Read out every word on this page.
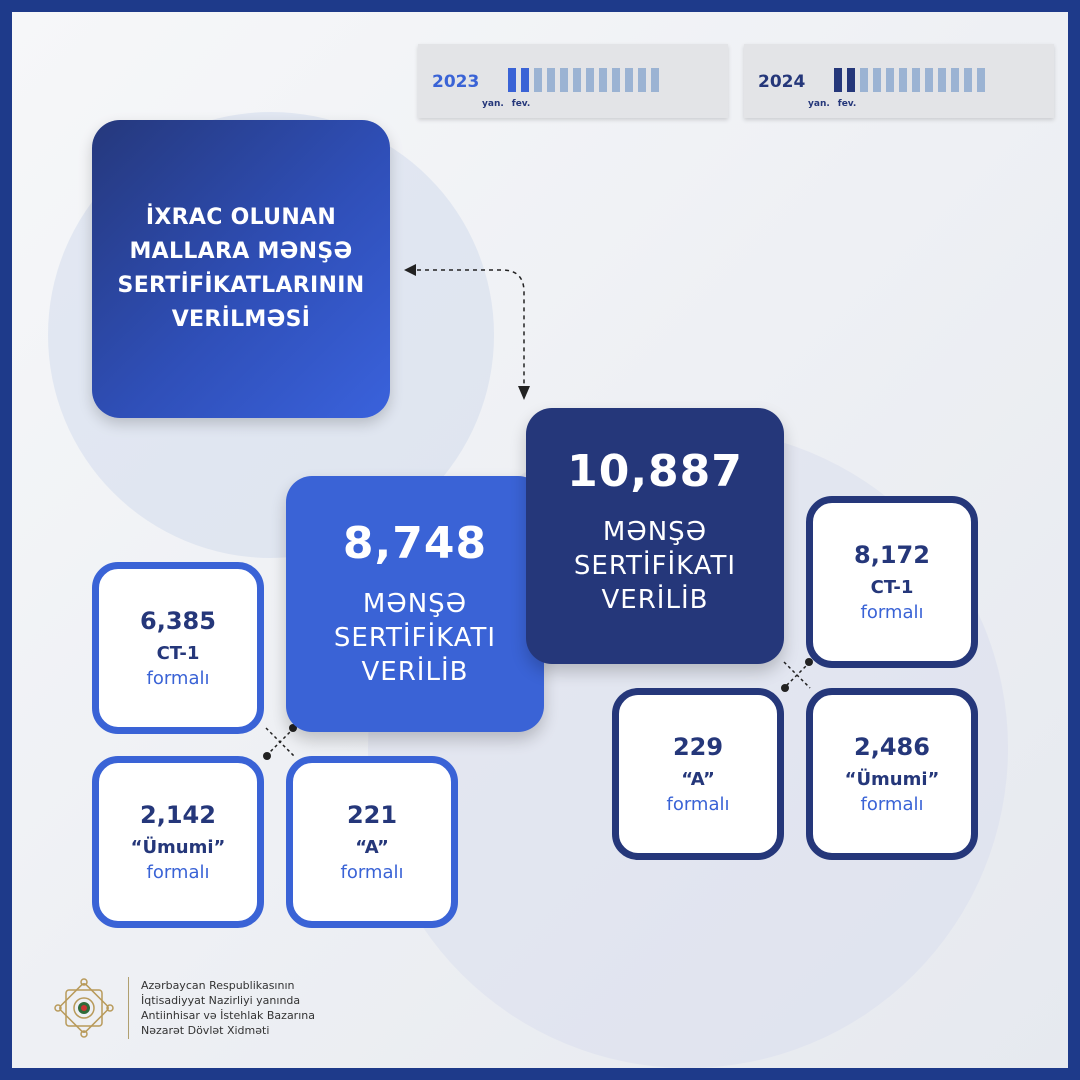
2023
yan. fev.
2024
yan. fev.
İXRAC OLUNAN
MALLARA MƏNŞƏ
SERTİFİKATLARININ
VERİLMƏSİ
8,748
MƏNŞƏ
SERTİFİKATI
VERİLİB
10,887
MƏNŞƏ
SERTİFİKATI
VERİLİB
6,385
CT-1
formalı
2,142
“Ümumi”
formalı
221
“A”
formalı
8,172
CT-1
formalı
229
“A”
formalı
2,486
“Ümumi”
formalı
Azərbaycan Respublikasının
İqtisadiyyat Nazirliyi yanında
Antiinhisar və İstehlak Bazarına
Nəzarət Dövlət Xidməti
